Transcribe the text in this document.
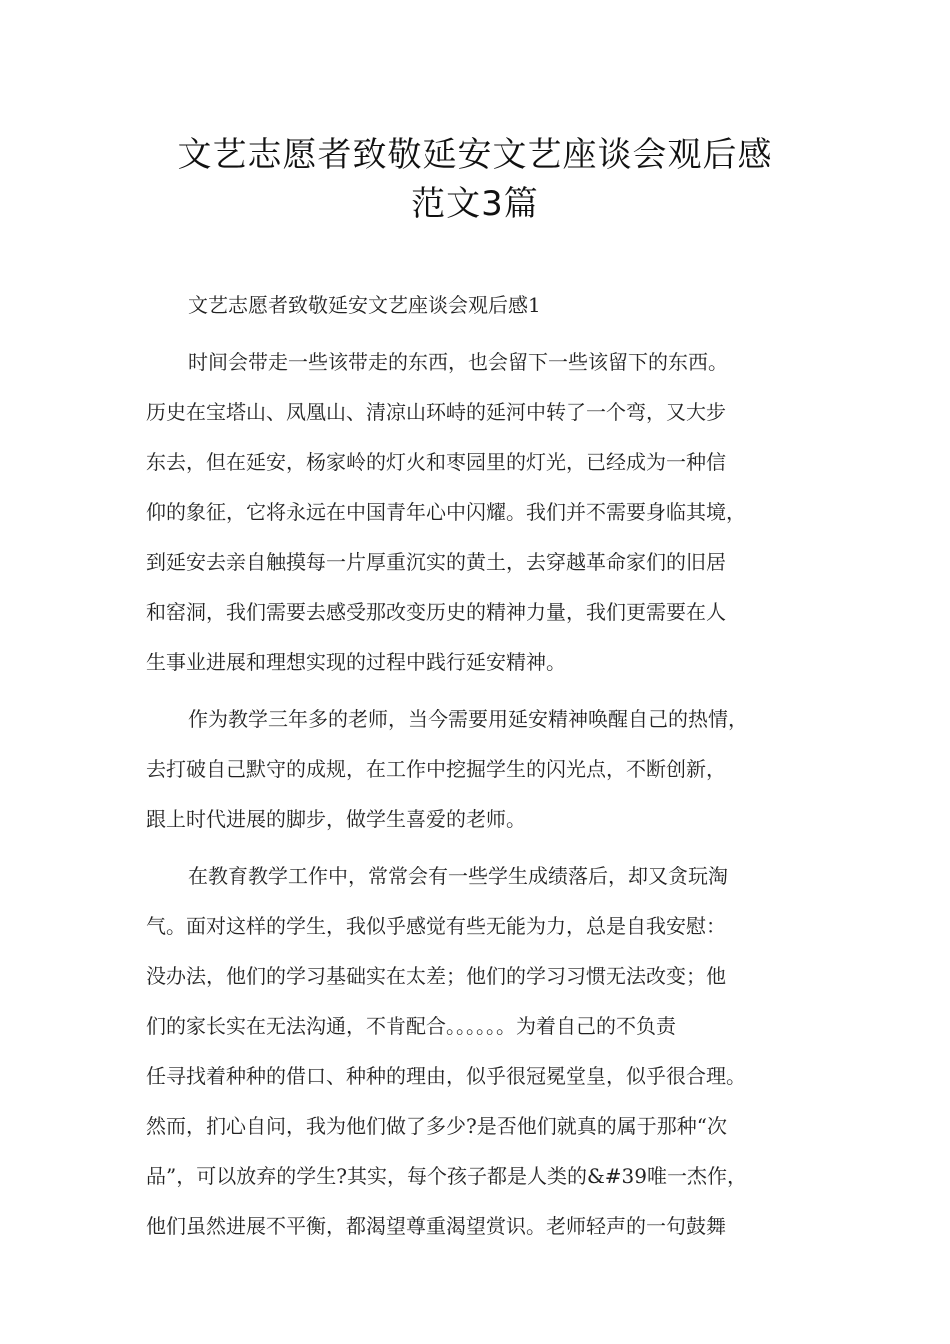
文艺志愿者致敬延安文艺座谈会观后感
范文3篇
文艺志愿者致敬延安文艺座谈会观后感1
时间会带走一些该带走的东西，也会留下一些该留下的东西。
历史在宝塔山、凤凰山、清凉山环峙的延河中转了一个弯，又大步
东去，但在延安，杨家岭的灯火和枣园里的灯光，已经成为一种信
仰的象征，它将永远在中国青年心中闪耀。我们并不需要身临其境，
到延安去亲自触摸每一片厚重沉实的黄土，去穿越革命家们的旧居
和窑洞，我们需要去感受那改变历史的精神力量，我们更需要在人
生事业进展和理想实现的过程中践行延安精神。
作为教学三年多的老师，当今需要用延安精神唤醒自己的热情，
去打破自己默守的成规，在工作中挖掘学生的闪光点，不断创新，
跟上时代进展的脚步，做学生喜爱的老师。
在教育教学工作中，常常会有一些学生成绩落后，却又贪玩淘
气。面对这样的学生，我似乎感觉有些无能为力，总是自我安慰：
没办法，他们的学习基础实在太差；他们的学习习惯无法改变；他
们的家长实在无法沟通，不肯配合。。。。。。为着自己的不负责
任寻找着种种的借口、种种的理由，似乎很冠冕堂皇，似乎很合理。
然而，扪心自问，我为他们做了多少?是否他们就真的属于那种“次
品”，可以放弃的学生?其实，每个孩子都是人类的&#39唯一杰作，
他们虽然进展不平衡，都渴望尊重渴望赏识。老师轻声的一句鼓舞
